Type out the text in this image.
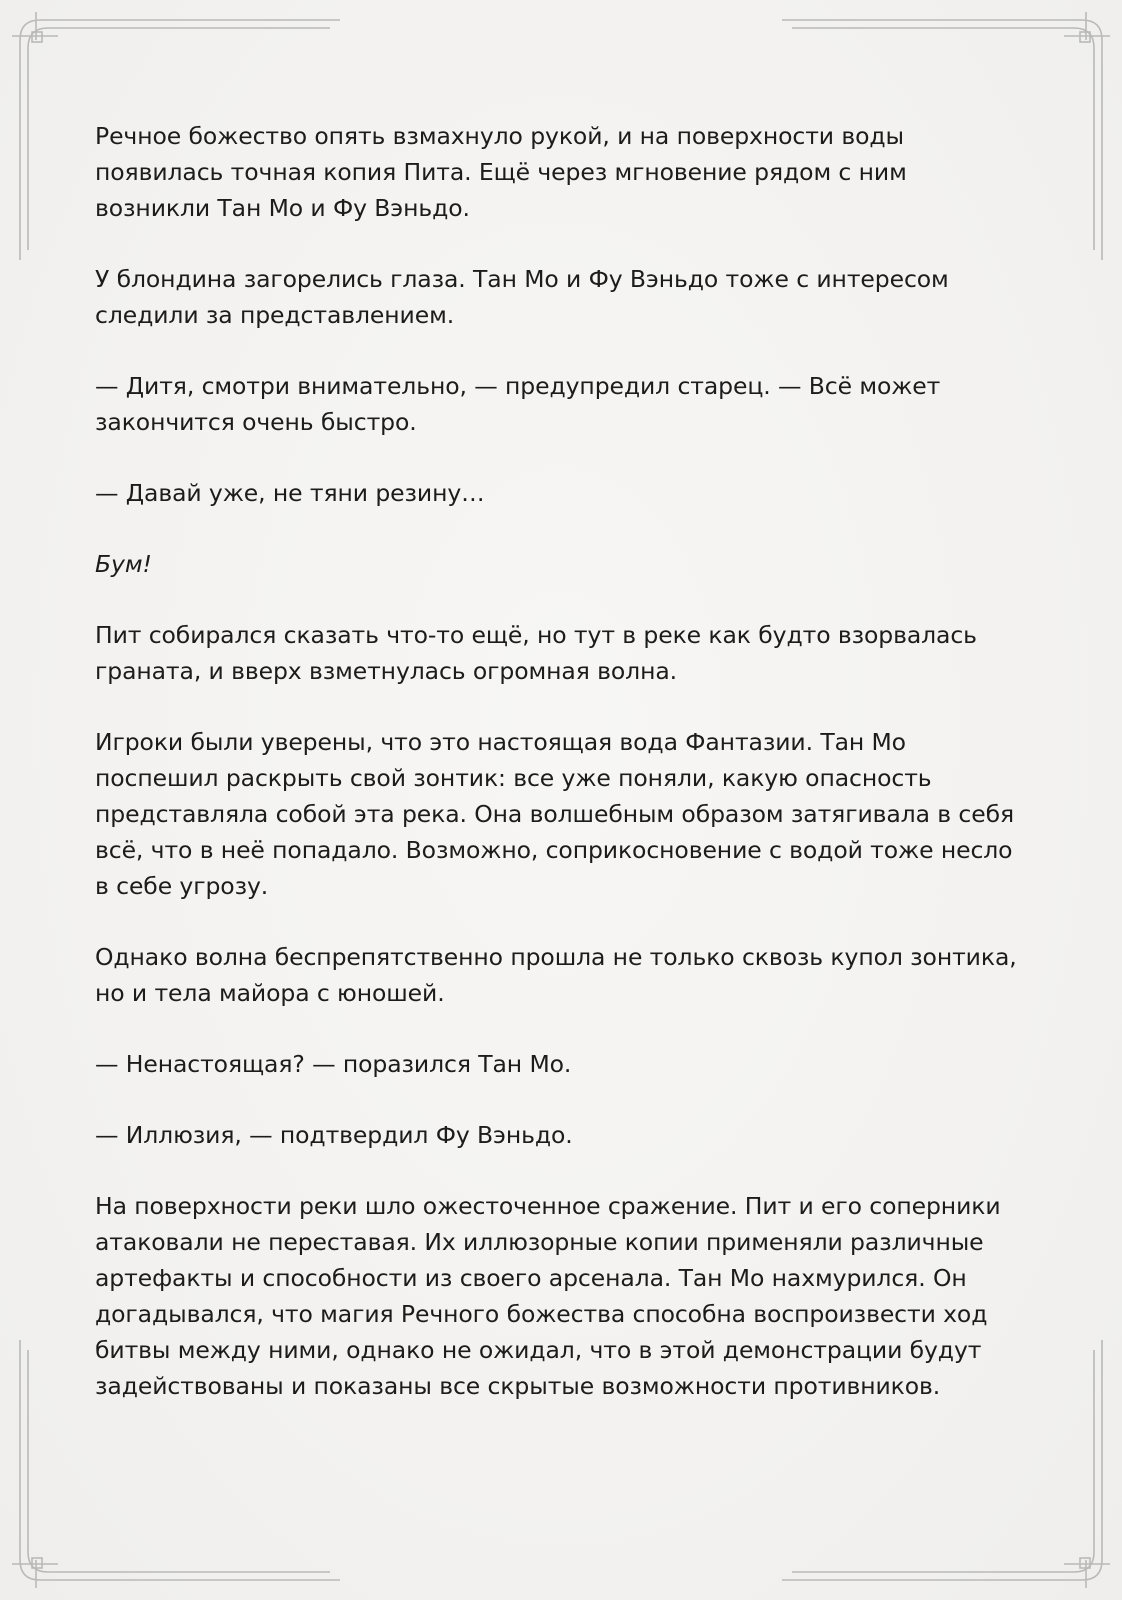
Речное божество опять взмахнуло рукой, и на поверхности воды
появилась точная копия Пита. Ещё через мгновение рядом с ним
возникли Тан Мо и Фу Вэньдо.

У блондина загорелись глаза. Тан Мо и Фу Вэньдо тоже с интересом
следили за представлением.

— Дитя, смотри внимательно, — предупредил старец. — Всё может
закончится очень быстро.

— Давай уже, не тяни резину…

Бум!

Пит собирался сказать что-то ещё, но тут в реке как будто взорвалась
граната, и вверх взметнулась огромная волна.

Игроки были уверены, что это настоящая вода Фантазии. Тан Мо
поспешил раскрыть свой зонтик: все уже поняли, какую опасность
представляла собой эта река. Она волшебным образом затягивала в себя
всё, что в неё попадало. Возможно, соприкосновение с водой тоже несло
в себе угрозу.

Однако волна беспрепятственно прошла не только сквозь купол зонтика,
но и тела майора с юношей.

— Ненастоящая? — поразился Тан Мо.

— Иллюзия, — подтвердил Фу Вэньдо.

На поверхности реки шло ожесточенное сражение. Пит и его соперники
атаковали не переставая. Их иллюзорные копии применяли различные
артефакты и способности из своего арсенала. Тан Мо нахмурился. Он
догадывался, что магия Речного божества способна воспроизвести ход
битвы между ними, однако не ожидал, что в этой демонстрации будут
задействованы и показаны все скрытые возможности противников.
